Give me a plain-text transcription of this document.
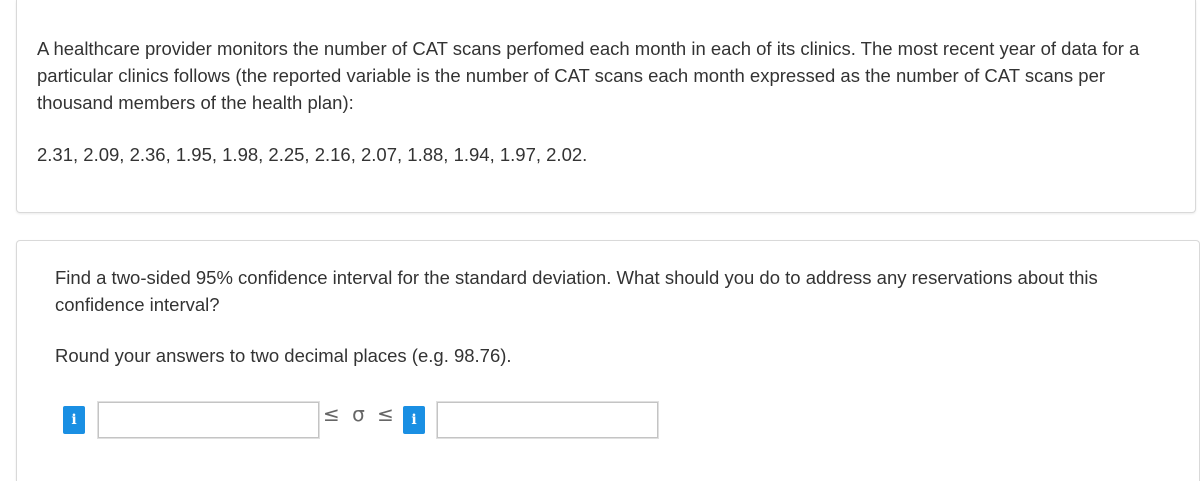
A healthcare provider monitors the number of CAT scans perfomed each month in each of its clinics. The most recent year of data for a particular clinics follows (the reported variable is the number of CAT scans each month expressed as the number of CAT scans per thousand members of the health plan):
2.31, 2.09, 2.36, 1.95, 1.98, 2.25, 2.16, 2.07, 1.88, 1.94, 1.97, 2.02.
Find a two-sided 95% confidence interval for the standard deviation. What should you do to address any reservations about this confidence interval?
Round your answers to two decimal places (e.g. 98.76).
i	≤ σ ≤	i
